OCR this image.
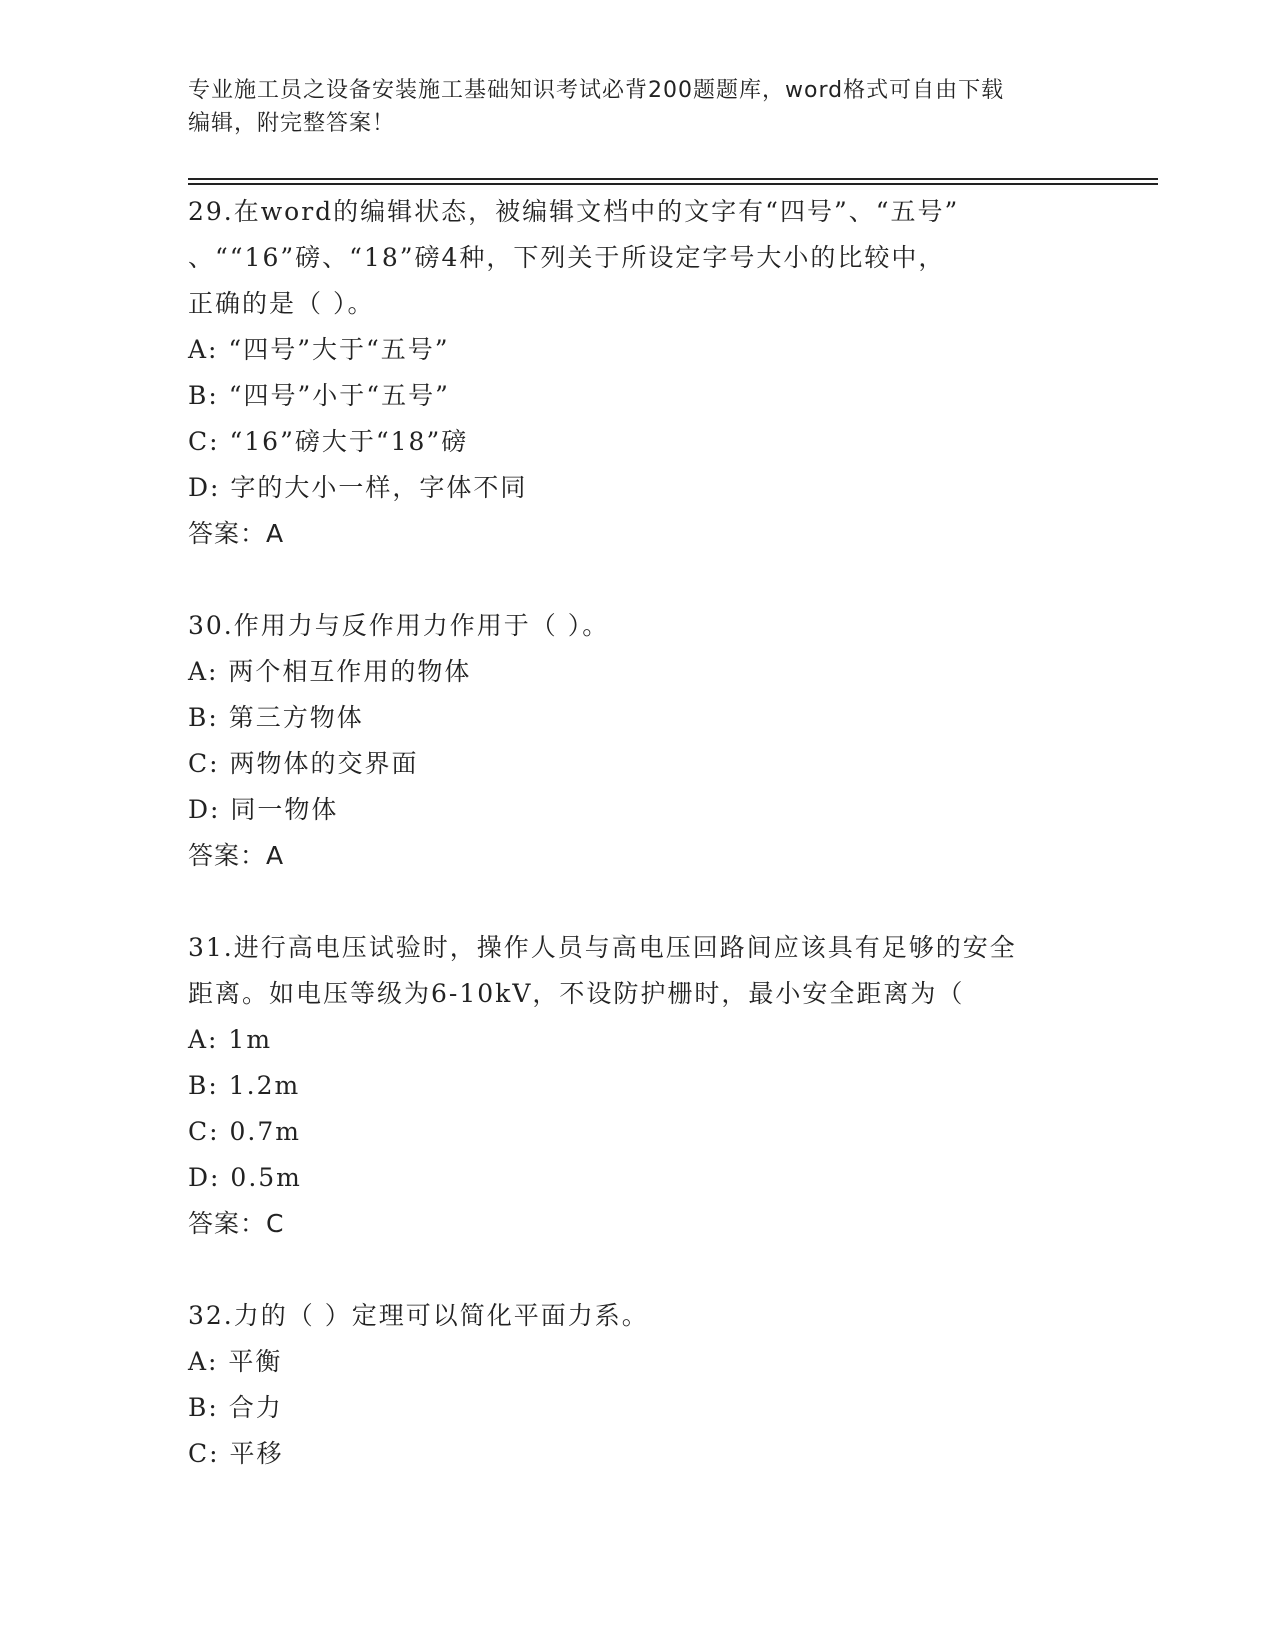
专业施工员之设备安装施工基础知识考试必背200题题库，word格式可自由下载
编辑，附完整答案！
29.在word的编辑状态，被编辑文档中的文字有“四号”、“五号”
、““16”磅、“18”磅4种，下列关于所设定字号大小的比较中，
正确的是（ ）。
A: “四号”大于“五号”
B: “四号”小于“五号”
C: “16”磅大于“18”磅
D: 字的大小一样，字体不同
答案：A
30.作用力与反作用力作用于（ ）。
A: 两个相互作用的物体
B: 第三方物体
C: 两物体的交界面
D: 同一物体
答案：A
31.进行高电压试验时，操作人员与高电压回路间应该具有足够的安全
距离。如电压等级为6-10kV，不设防护栅时，最小安全距离为（
A: 1m
B: 1.2m
C: 0.7m
D: 0.5m
答案：C
32.力的（ ）定理可以简化平面力系。
A: 平衡
B: 合力
C: 平移
